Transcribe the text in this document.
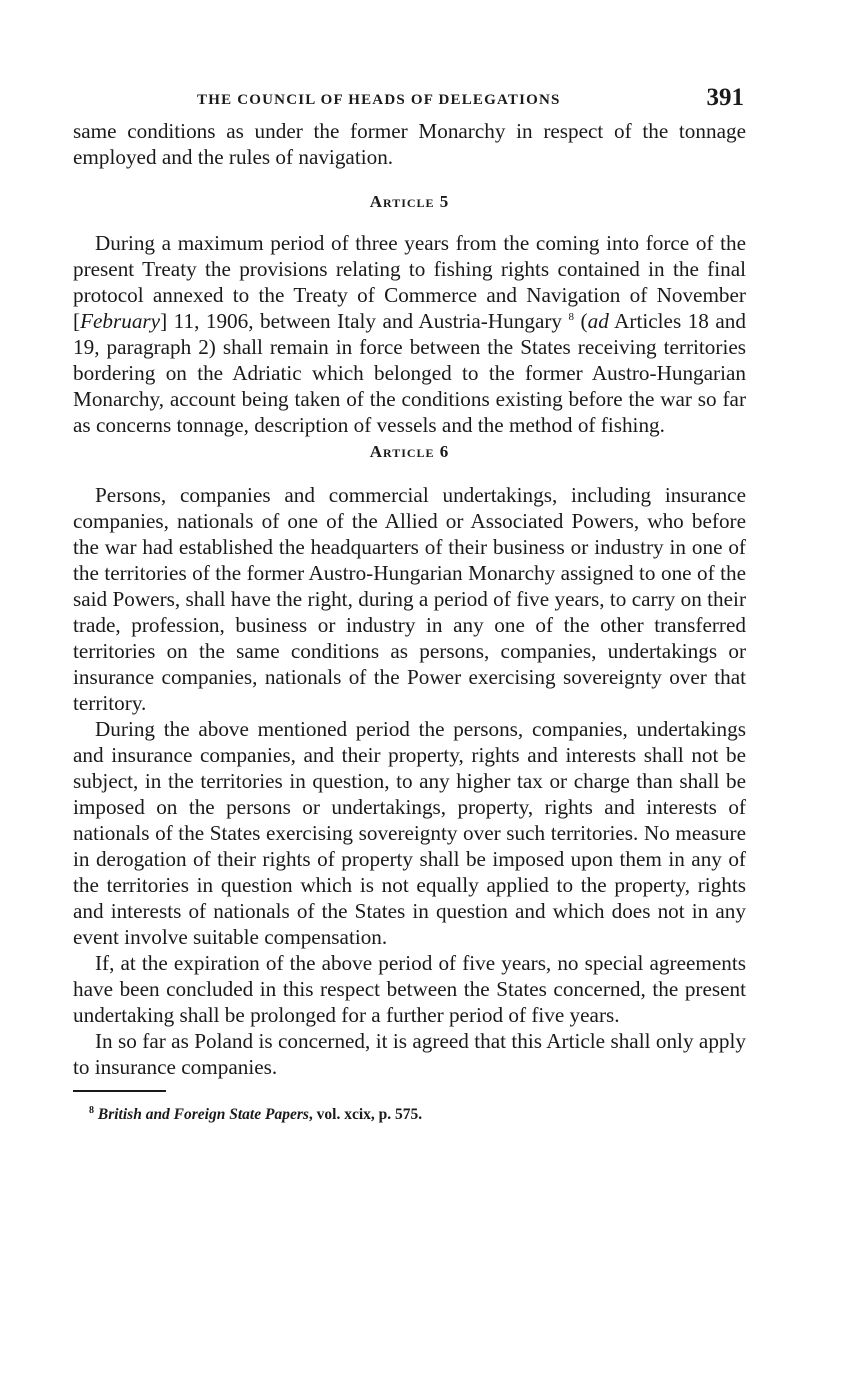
THE COUNCIL OF HEADS OF DELEGATIONS	391

same conditions as under the former Monarchy in respect of the tonnage employed and the rules of navigation.

Article 5

During a maximum period of three years from the coming into force of the present Treaty the provisions relating to fishing rights contained in the final protocol annexed to the Treaty of Commerce and Navigation of November [February] 11, 1906, between Italy and Austria-Hungary $^8$ (ad Articles 18 and 19, paragraph 2) shall remain in force between the States receiving territories bordering on the Adriatic which belonged to the former Austro-Hungarian Monarchy, account being taken of the conditions existing before the war so far as concerns tonnage, description of vessels and the method of fishing.

Article 6

Persons, companies and commercial undertakings, including insurance companies, nationals of one of the Allied or Associated Powers, who before the war had established the headquarters of their business or industry in one of the territories of the former Austro-Hungarian Monarchy assigned to one of the said Powers, shall have the right, during a period of five years, to carry on their trade, profession, business or industry in any one of the other transferred territories on the same conditions as persons, companies, undertakings or insurance companies, nationals of the Power exercising sovereignty over that territory.

During the above mentioned period the persons, companies, undertakings and insurance companies, and their property, rights and interests shall not be subject, in the territories in question, to any higher tax or charge than shall be imposed on the persons or undertakings, property, rights and interests of nationals of the States exercising sovereignty over such territories. No measure in derogation of their rights of property shall be imposed upon them in any of the territories in question which is not equally applied to the property, rights and interests of nationals of the States in question and which does not in any event involve suitable compensation.

If, at the expiration of the above period of five years, no special agreements have been concluded in this respect between the States concerned, the present undertaking shall be prolonged for a further period of five years.

In so far as Poland is concerned, it is agreed that this Article shall only apply to insurance companies.

$^8$ British and Foreign State Papers, vol. xcix, p. 575.
